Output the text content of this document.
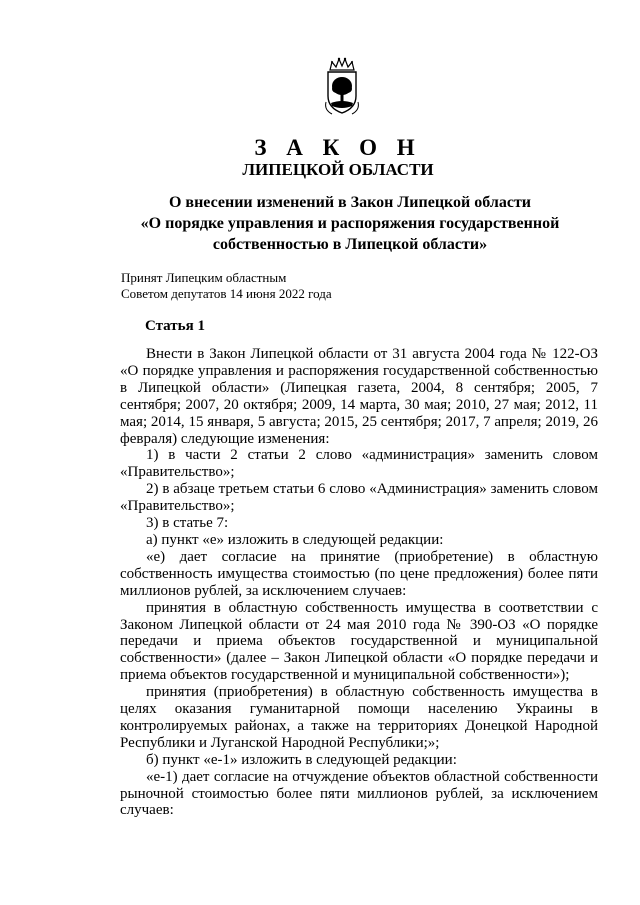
З А К О Н
ЛИПЕЦКОЙ ОБЛАСТИ
О внесении изменений в Закон Липецкой области
«О порядке управления и распоряжения государственной
собственностью в Липецкой области»
Принят Липецким областным
Советом депутатов 14 июня 2022 года
Статья 1

Внести в Закон Липецкой области от 31 августа 2004 года № 122-ОЗ «О порядке управления и распоряжения государственной собственностью в Липецкой области» (Липецкая газета, 2004, 8 сентября; 2005, 7 сентября; 2007, 20 октября; 2009, 14 марта, 30 мая; 2010, 27 мая; 2012, 11 мая; 2014, 15 января, 5 августа; 2015, 25 сентября; 2017, 7 апреля; 2019, 26 февраля) следующие изменения:

1) в части 2 статьи 2 слово «администрация» заменить словом «Правительство»;

2) в абзаце третьем статьи 6 слово «Администрация» заменить словом «Правительство»;

3) в статье 7:

а) пункт «е» изложить в следующей редакции:

«е) дает согласие на принятие (приобретение) в областную собственность имущества стоимостью (по цене предложения) более пяти миллионов рублей, за исключением случаев:

принятия в областную собственность имущества в соответствии с Законом Липецкой области от 24 мая 2010 года № 390-ОЗ «О порядке передачи и приема объектов государственной и муниципальной собственности» (далее – Закон Липецкой области «О порядке передачи и приема объектов государственной и муниципальной собственности»);

принятия (приобретения) в областную собственность имущества в целях оказания гуманитарной помощи населению Украины в контролируемых районах, а также на территориях Донецкой Народной Республики и Луганской Народной Республики;»;

б) пункт «е-1» изложить в следующей редакции:

«е-1) дает согласие на отчуждение объектов областной собственности рыночной стоимостью более пяти миллионов рублей, за исключением случаев:
